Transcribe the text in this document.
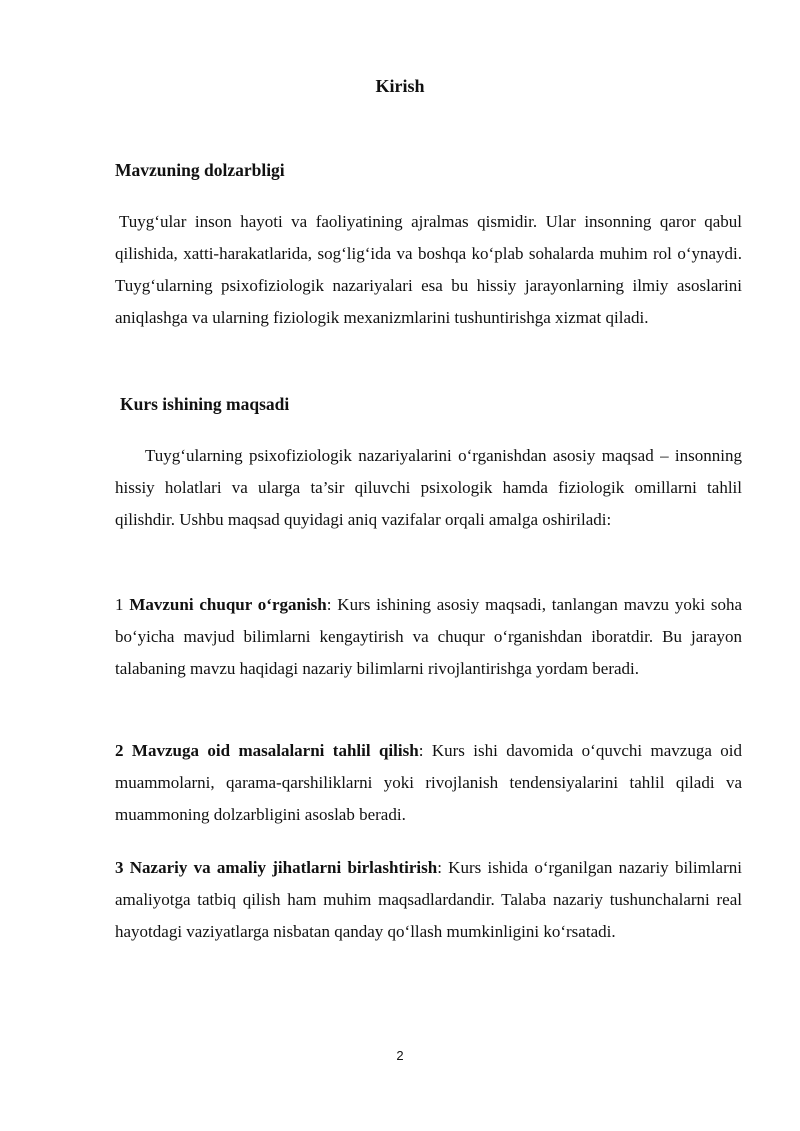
Kirish
Mavzuning dolzarbligi

Tuyg‘ular inson hayoti va faoliyatining ajralmas qismidir. Ular insonning qaror qabul qilishida, xatti-harakatlarida, sog‘lig‘ida va boshqa ko‘plab sohalarda muhim rol o‘ynaydi. Tuyg‘ularning psixofiziologik nazariyalari esa bu hissiy jarayonlarning ilmiy asoslarini aniqlashga va ularning fiziologik mexanizmlarini tushuntirishga xizmat qiladi.

Kurs ishining maqsadi

Tuyg‘ularning psixofiziologik nazariyalarini o‘rganishdan asosiy maqsad – insonning hissiy holatlari va ularga ta’sir qiluvchi psixologik hamda fiziologik omillarni tahlil qilishdir. Ushbu maqsad quyidagi aniq vazifalar orqali amalga oshiriladi:

1 Mavzuni chuqur o‘rganish: Kurs ishining asosiy maqsadi, tanlangan mavzu yoki soha bo‘yicha mavjud bilimlarni kengaytirish va chuqur o‘rganishdan iboratdir. Bu jarayon talabaning mavzu haqidagi nazariy bilimlarni rivojlantirishga yordam beradi.

2 Mavzuga oid masalalarni tahlil qilish: Kurs ishi davomida o‘quvchi mavzuga oid muammolarni, qarama-qarshiliklarni yoki rivojlanish tendensiyalarini tahlil qiladi va muammoning dolzarbligini asoslab beradi.

3 Nazariy va amaliy jihatlarni birlashtirish: Kurs ishida o‘rganilgan nazariy bilimlarni amaliyotga tatbiq qilish ham muhim maqsadlardandir. Talaba nazariy tushunchalarni real hayotdagi vaziyatlarga nisbatan qanday qo‘llash mumkinligini ko‘rsatadi.

2
